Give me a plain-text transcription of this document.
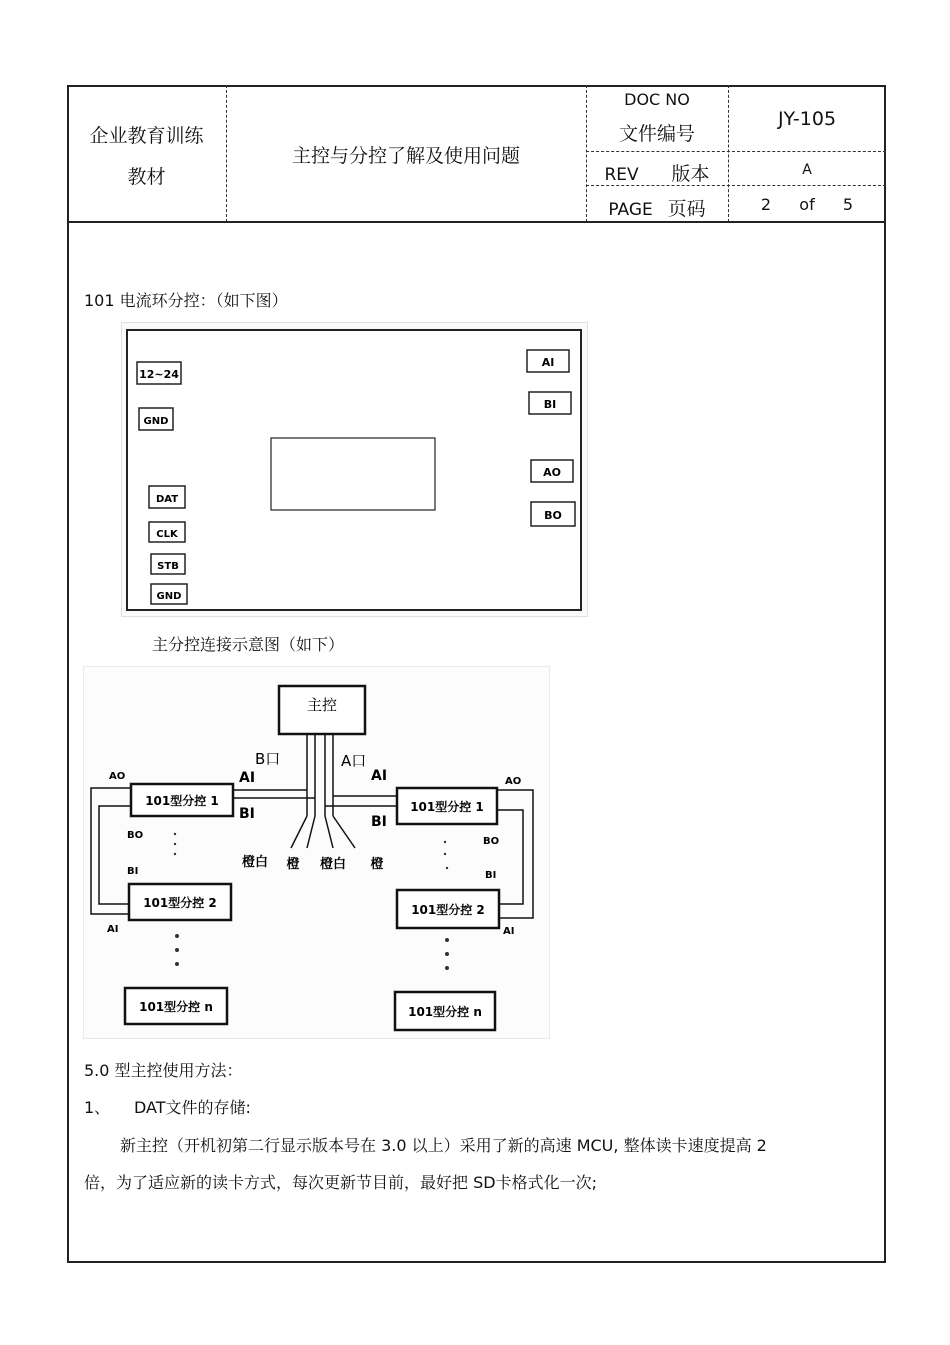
企业教育训练
教材
主控与分控了解及使用问题
DOC NO
文件编号
JY-105
REV 版本	A
PAGE 页码	2 of 5
101 电流环分控：（如下图）
12~24
GND
DAT
CLK
STB
GND
AI
BI
AO
BO
主分控连接示意图（如下）
主控
B口	A口
AI
BI
AI
BI
AO
BO
BI
AI
AO
BO
BI
AI
101型分控 1	101型分控 1
101型分控 2	101型分控 2
101型分控 n	101型分控 n
橙白 橙 橙白 橙
5.0 型主控使用方法：
1、 DAT文件的存储:
新主控（开机初第二行显示版本号在 3.0 以上）采用了新的高速 MCU, 整体读卡速度提高 2
倍，为了适应新的读卡方式，每次更新节目前，最好把 SD卡格式化一次;
